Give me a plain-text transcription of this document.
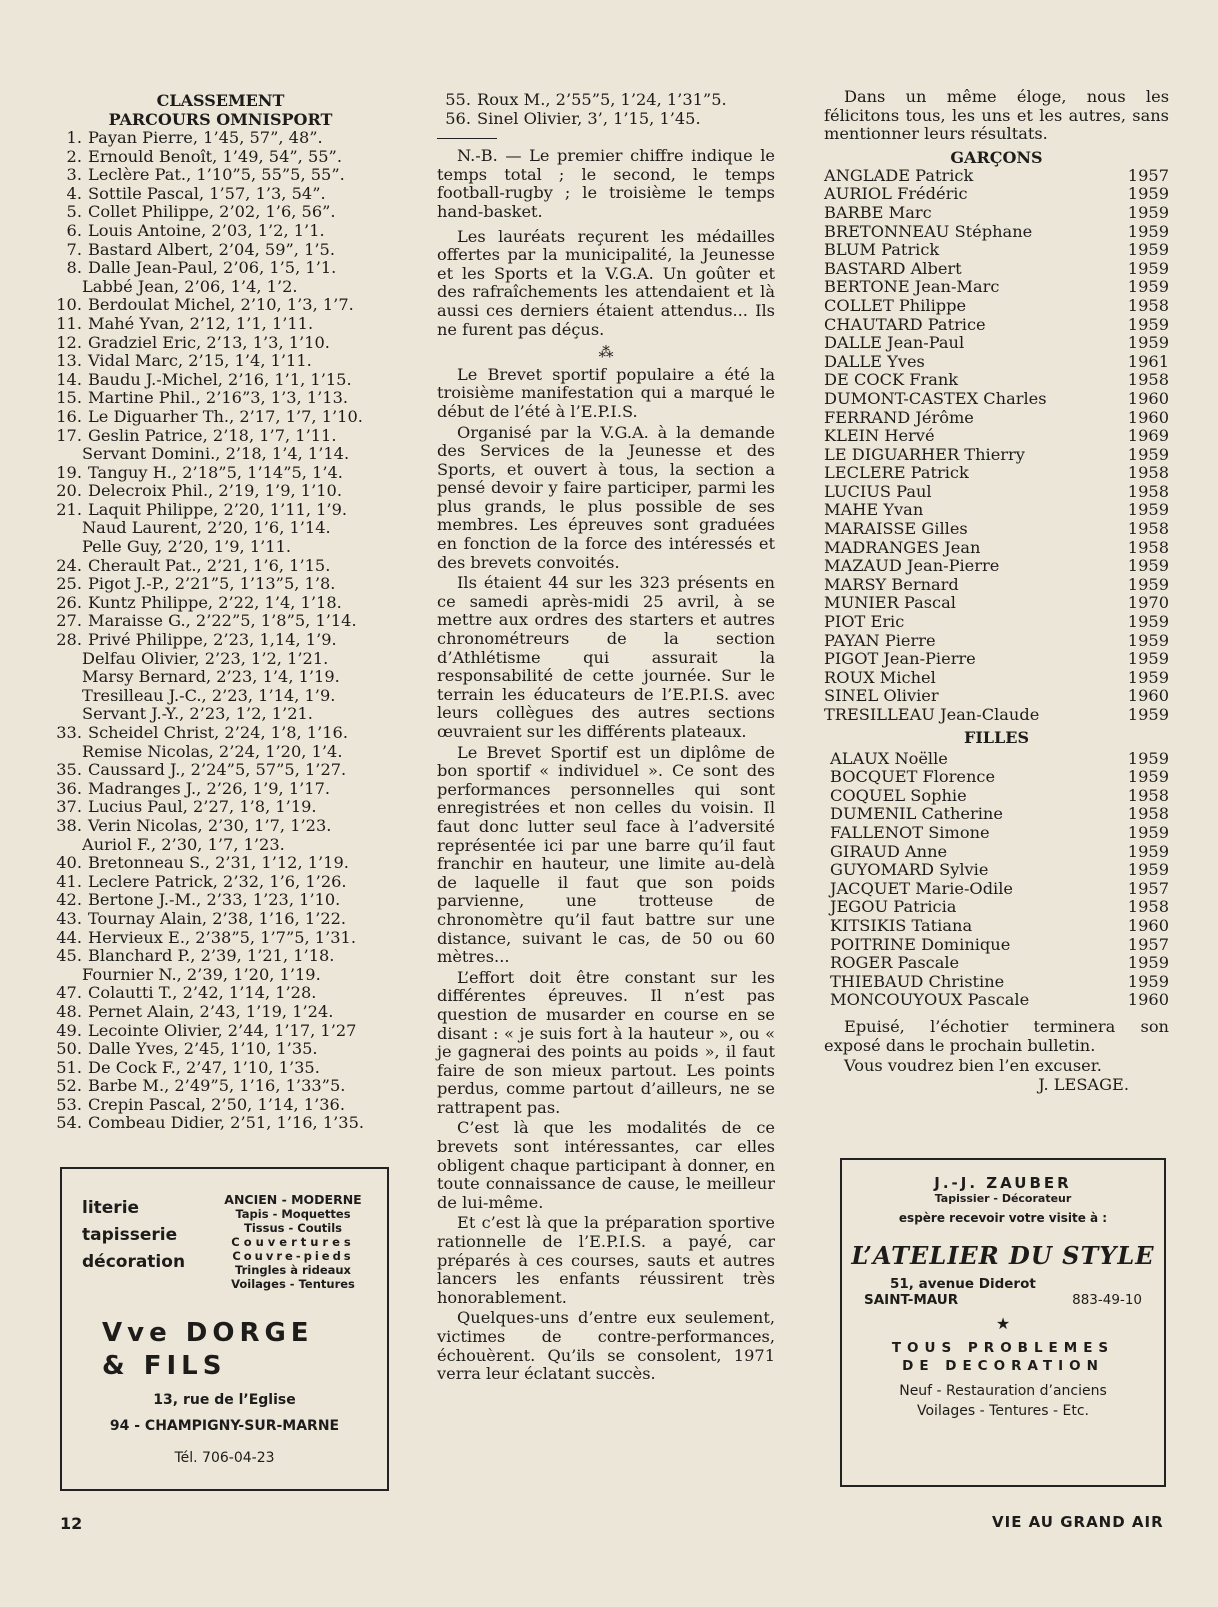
CLASSEMENT
PARCOURS OMNISPORT
1. Payan Pierre, 1’45, 57”, 48”.
2. Ernould Benoît, 1’49, 54”, 55”.
3. Leclère Pat., 1’10”5, 55”5, 55”.
4. Sottile Pascal, 1’57, 1’3, 54”.
5. Collet Philippe, 2’02, 1’6, 56”.
6. Louis Antoine, 2’03, 1’2, 1’1.
7. Bastard Albert, 2’04, 59”, 1’5.
8. Dalle Jean-Paul, 2’06, 1’5, 1’1.
Labbé Jean, 2’06, 1’4, 1’2.
10. Berdoulat Michel, 2’10, 1’3, 1’7.
11. Mahé Yvan, 2’12, 1’1, 1’11.
12. Gradziel Eric, 2’13, 1’3, 1’10.
13. Vidal Marc, 2’15, 1’4, 1’11.
14. Baudu J.-Michel, 2’16, 1’1, 1’15.
15. Martine Phil., 2’16”3, 1’3, 1’13.
16. Le Diguarher Th., 2’17, 1’7, 1’10.
17. Geslin Patrice, 2’18, 1’7, 1’11.
Servant Domini., 2’18, 1’4, 1’14.
19. Tanguy H., 2’18”5, 1’14”5, 1’4.
20. Delecroix Phil., 2’19, 1’9, 1’10.
21. Laquit Philippe, 2’20, 1’11, 1’9.
Naud Laurent, 2’20, 1’6, 1’14.
Pelle Guy, 2’20, 1’9, 1’11.
24. Cherault Pat., 2’21, 1’6, 1’15.
25. Pigot J.-P., 2’21”5, 1’13”5, 1’8.
26. Kuntz Philippe, 2’22, 1’4, 1’18.
27. Maraisse G., 2’22”5, 1’8”5, 1’14.
28. Privé Philippe, 2’23, 1,14, 1’9.
Delfau Olivier, 2’23, 1’2, 1’21.
Marsy Bernard, 2’23, 1’4, 1’19.
Tresilleau J.-C., 2’23, 1’14, 1’9.
Servant J.-Y., 2’23, 1’2, 1’21.
33. Scheidel Christ, 2’24, 1’8, 1’16.
Remise Nicolas, 2’24, 1’20, 1’4.
35. Caussard J., 2’24”5, 57”5, 1’27.
36. Madranges J., 2’26, 1’9, 1’17.
37. Lucius Paul, 2’27, 1’8, 1’19.
38. Verin Nicolas, 2’30, 1’7, 1’23.
Auriol F., 2’30, 1’7, 1’23.
40. Bretonneau S., 2’31, 1’12, 1’19.
41. Leclere Patrick, 2’32, 1’6, 1’26.
42. Bertone J.-M., 2’33, 1’23, 1’10.
43. Tournay Alain, 2’38, 1’16, 1’22.
44. Hervieux E., 2’38”5, 1’7”5, 1’31.
45. Blanchard P., 2’39, 1’21, 1’18.
Fournier N., 2’39, 1’20, 1’19.
47. Colautti T., 2’42, 1’14, 1’28.
48. Pernet Alain, 2’43, 1’19, 1’24.
49. Lecointe Olivier, 2’44, 1’17, 1’27
50. Dalle Yves, 2’45, 1’10, 1’35.
51. De Cock F., 2’47, 1’10, 1’35.
52. Barbe M., 2’49”5, 1’16, 1’33”5.
53. Crepin Pascal, 2’50, 1’14, 1’36.
54. Combeau Didier, 2’51, 1’16, 1’35.
55. Roux M., 2’55”5, 1’24, 1’31”5.
56. Sinel Olivier, 3’, 1’15, 1’45.

N.-B. — Le premier chiffre indique le temps total ; le second, le temps football-rugby ; le troisième le temps hand-basket.

Les lauréats reçurent les médailles offertes par la municipalité, la Jeunesse et les Sports et la V.G.A. Un goûter et des rafraîchements les attendaient et là aussi ces derniers étaient attendus... Ils ne furent pas déçus.

⁂

Le Brevet sportif populaire a été la troisième manifestation qui a marqué le début de l’été à l’E.P.I.S.

Organisé par la V.G.A. à la demande des Services de la Jeunesse et des Sports, et ouvert à tous, la section a pensé devoir y faire participer, parmi les plus grands, le plus possible de ses membres. Les épreuves sont graduées en fonction de la force des intéressés et des brevets convoités.

Ils étaient 44 sur les 323 présents en ce samedi après-midi 25 avril, à se mettre aux ordres des starters et autres chronométreurs de la section d’Athlétisme qui assurait la responsabilité de cette journée. Sur le terrain les éducateurs de l’E.P.I.S. avec leurs collègues des autres sections œuvraient sur les différents plateaux.

Le Brevet Sportif est un diplôme de bon sportif « individuel ». Ce sont des performances personnelles qui sont enregistrées et non celles du voisin. Il faut donc lutter seul face à l’adversité représentée ici par une barre qu’il faut franchir en hauteur, une limite au-delà de laquelle il faut que son poids parvienne, une trotteuse de chronomètre qu’il faut battre sur une distance, suivant le cas, de 50 ou 60 mètres...

L’effort doit être constant sur les différentes épreuves. Il n’est pas question de musarder en course en se disant : « je suis fort à la hauteur », ou « je gagnerai des points au poids », il faut faire de son mieux partout. Les points perdus, comme partout d’ailleurs, ne se rattrapent pas.

C’est là que les modalités de ce brevets sont intéressantes, car elles obligent chaque participant à donner, en toute connaissance de cause, le meilleur de lui-même.

Et c’est là que la préparation sportive rationnelle de l’E.P.I.S. a payé, car préparés à ces courses, sauts et autres lancers les enfants réussirent très honorablement.

Quelques-uns d’entre eux seulement, victimes de contre-performances, échouèrent. Qu’ils se consolent, 1971 verra leur éclatant succès.

Dans un même éloge, nous les félicitons tous, les uns et les autres, sans mentionner leurs résultats.

GARÇONS
ANGLADE Patrick	1957
AURIOL Frédéric	1959
BARBE Marc	1959
BRETONNEAU Stéphane	1959
BLUM Patrick	1959
BASTARD Albert	1959
BERTONE Jean-Marc	1959
COLLET Philippe	1958
CHAUTARD Patrice	1959
DALLE Jean-Paul	1959
DALLE Yves	1961
DE COCK Frank	1958
DUMONT-CASTEX Charles	1960
FERRAND Jérôme	1960
KLEIN Hervé	1969
LE DIGUARHER Thierry	1959
LECLERE Patrick	1958
LUCIUS Paul	1958
MAHE Yvan	1959
MARAISSE Gilles	1958
MADRANGES Jean	1958
MAZAUD Jean-Pierre	1959
MARSY Bernard	1959
MUNIER Pascal	1970
PIOT Eric	1959
PAYAN Pierre	1959
PIGOT Jean-Pierre	1959
ROUX Michel	1959
SINEL Olivier	1960
TRESILLEAU Jean-Claude	1959
FILLES
ALAUX Noëlle	1959
BOCQUET Florence	1959
COQUEL Sophie	1958
DUMENIL Catherine	1958
FALLENOT Simone	1959
GIRAUD Anne	1959
GUYOMARD Sylvie	1959
JACQUET Marie-Odile	1957
JEGOU Patricia	1958
KITSIKIS Tatiana	1960
POITRINE Dominique	1957
ROGER Pascale	1959
THIEBAUD Christine	1959
MONCOUYOUX Pascale	1960

Epuisé, l’échotier terminera son exposé dans le prochain bulletin.

Vous voudrez bien l’en excuser.

J. LESAGE.
literie
tapisserie
décoration
ANCIEN - MODERNE
Tapis - Moquettes
Tissus - Coutils
Couvertures
Couvre-pieds
Tringles à rideaux
Voilages - Tentures
Vve DORGE
& FILS
13, rue de l’Eglise
94 - CHAMPIGNY-SUR-MARNE
Tél. 706-04-23
J.-J. ZAUBER
Tapissier - Décorateur
espère recevoir votre visite à :
L’ATELIER DU STYLE
51, avenue Diderot
SAINT-MAUR	883-49-10
★
TOUS PROBLEMES
DE DECORATION
Neuf - Restauration d’anciens
Voilages - Tentures - Etc.
12	VIE AU GRAND AIR
